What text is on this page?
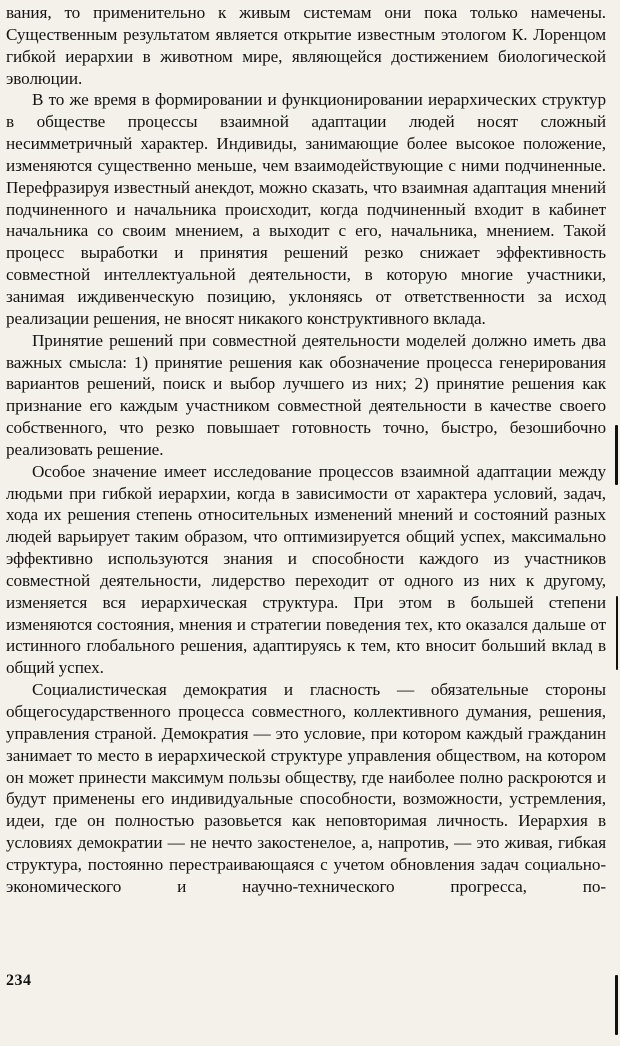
вания, то применительно к живым системам они пока только намечены. Существенным результатом является открытие известным этологом К. Лоренцом гибкой иерархии в животном мире, являющейся достижением биологической эволюции.

В то же время в формировании и функционировании иерархических структур в обществе процессы взаимной адаптации людей носят сложный несимметричный характер. Индивиды, занимающие более высокое положение, изменяются существенно меньше, чем взаимодействующие с ними подчиненные. Перефразируя известный анекдот, можно сказать, что взаимная адаптация мнений подчиненного и начальника происходит, когда подчиненный входит в кабинет начальника со своим мнением, а выходит с его, начальника, мнением. Такой процесс выработки и принятия решений резко снижает эффективность совместной интеллектуальной деятельности, в которую многие участники, занимая иждивенческую позицию, уклоняясь от ответственности за исход реализации решения, не вносят никакого конструктивного вклада.

Принятие решений при совместной деятельности моделей должно иметь два важных смысла: 1) принятие решения как обозначение процесса генерирования вариантов решений, поиск и выбор лучшего из них; 2) принятие решения как признание его каждым участником совместной деятельности в качестве своего собственного, что резко повышает готовность точно, быстро, безошибочно реализовать решение.

Особое значение имеет исследование процессов взаимной адаптации между людьми при гибкой иерархии, когда в зависимости от характера условий, задач, хода их решения степень относительных изменений мнений и состояний разных людей варьирует таким образом, что оптимизируется общий успех, максимально эффективно используются знания и способности каждого из участников совместной деятельности, лидерство переходит от одного из них к другому, изменяется вся иерархическая структура. При этом в большей степени изменяются состояния, мнения и стратегии поведения тех, кто оказался дальше от истинного глобального решения, адаптируясь к тем, кто вносит больший вклад в общий успех.

Социалистическая демократия и гласность — обязательные стороны общегосударственного процесса совместного, коллективного думания, решения, управления страной. Демократия — это условие, при котором каждый гражданин занимает то место в иерархической структуре управления обществом, на котором он может принести максимум пользы обществу, где наиболее полно раскроются и будут применены его индивидуальные способности, возможности, устремления, идеи, где он полностью разовьется как неповторимая личность. Иерархия в условиях демократии — не нечто закостенелое, а, напротив, — это живая, гибкая структура, постоянно перестраивающаяся с учетом обновления задач социально-экономического и научно-технического прогресса, по-

234
